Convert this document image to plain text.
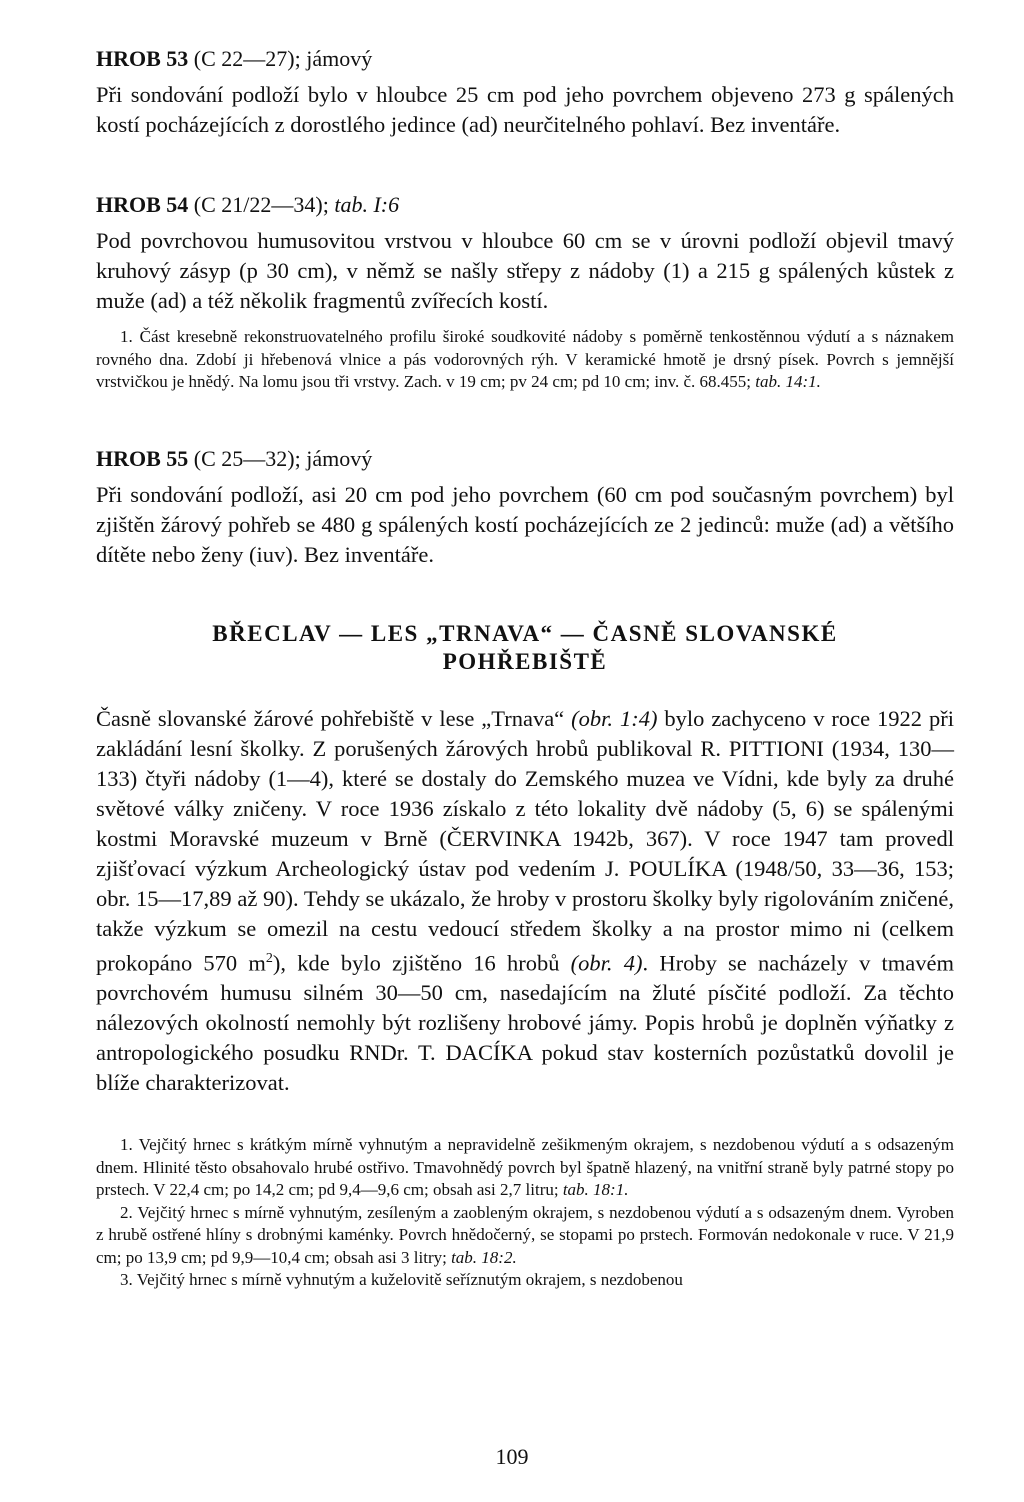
HROB 53 (C 22—27); jámový

Při sondování podloží bylo v hloubce 25 cm pod jeho povrchem objeveno 273 g spálených kostí pocházejících z dorostlého jedince (ad) neurčitelného pohlaví. Bez inventáře.

HROB 54 (C 21/22—34); tab. I:6

Pod povrchovou humusovitou vrstvou v hloubce 60 cm se v úrovni podloží objevil tmavý kruhový zásyp (p 30 cm), v němž se našly střepy z nádoby (1) a 215 g spálených kůstek z muže (ad) a též několik fragmentů zvířecích kostí.

1. Část kresebně rekonstruovatelného profilu široké soudkovité nádoby s poměrně tenkostěnnou výdutí a s náznakem rovného dna. Zdobí ji hřebenová vlnice a pás vodorovných rýh. V keramické hmotě je drsný písek. Povrch s jemnější vrstvičkou je hnědý. Na lomu jsou tři vrstvy. Zach. v 19 cm; pv 24 cm; pd 10 cm; inv. č. 68.455; tab. 14:1.

HROB 55 (C 25—32); jámový

Při sondování podloží, asi 20 cm pod jeho povrchem (60 cm pod současným povrchem) byl zjištěn žárový pohřeb se 480 g spálených kostí pocházejících ze 2 jedinců: muže (ad) a většího dítěte nebo ženy (iuv). Bez inventáře.

BŘECLAV — LES „TRNAVA“ — ČASNĚ SLOVANSKÉ

POHŘEBIŠTĚ

Časně slovanské žárové pohřebiště v lese „Trnava“ (obr. 1:4) bylo zachyceno v roce 1922 při zakládání lesní školky. Z porušených žárových hrobů publikoval R. PITTIONI (1934, 130—133) čtyři nádoby (1—4), které se dostaly do Zemského muzea ve Vídni, kde byly za druhé světové války zničeny. V roce 1936 získalo z této lokality dvě nádoby (5, 6) se spálenými kostmi Moravské muzeum v Brně (ČERVINKA 1942b, 367). V roce 1947 tam provedl zjišťovací výzkum Archeologický ústav pod vedením J. POULÍKA (1948/50, 33—36, 153; obr. 15—17,89 až 90). Tehdy se ukázalo, že hroby v prostoru školky byly rigolováním zničené, takže výzkum se omezil na cestu vedoucí středem školky a na prostor mimo ni (celkem prokopáno 570 $m^2$), kde bylo zjištěno 16 hrobů (obr. 4). Hroby se nacházely v tmavém povrchovém humusu silném 30—50 cm, nasedajícím na žluté písčité podloží. Za těchto nálezových okolností nemohly být rozlišeny hrobové jámy. Popis hrobů je doplněn výňatky z antropologického posudku RNDr. T. DACÍKA pokud stav kosterních pozůstatků dovolil je blíže charakterizovat.

1. Vejčitý hrnec s krátkým mírně vyhnutým a nepravidelně zešikmeným okrajem, s nezdobenou výdutí a s odsazeným dnem. Hlinité těsto obsahovalo hrubé ostřivo. Tmavohnědý povrch byl špatně hlazený, na vnitřní straně byly patrné stopy po prstech. V 22,4 cm; po 14,2 cm; pd 9,4—9,6 cm; obsah asi 2,7 litru; tab. 18:1.

2. Vejčitý hrnec s mírně vyhnutým, zesíleným a zaobleným okrajem, s nezdobenou výdutí a s odsazeným dnem. Vyroben z hrubě ostřené hlíny s drobnými kaménky. Povrch hnědočerný, se stopami po prstech. Formován nedokonale v ruce. V 21,9 cm; po 13,9 cm; pd 9,9—10,4 cm; obsah asi 3 litry; tab. 18:2.

3. Vejčitý hrnec s mírně vyhnutým a kuželovitě seříznutým okrajem, s nezdobenou

109
